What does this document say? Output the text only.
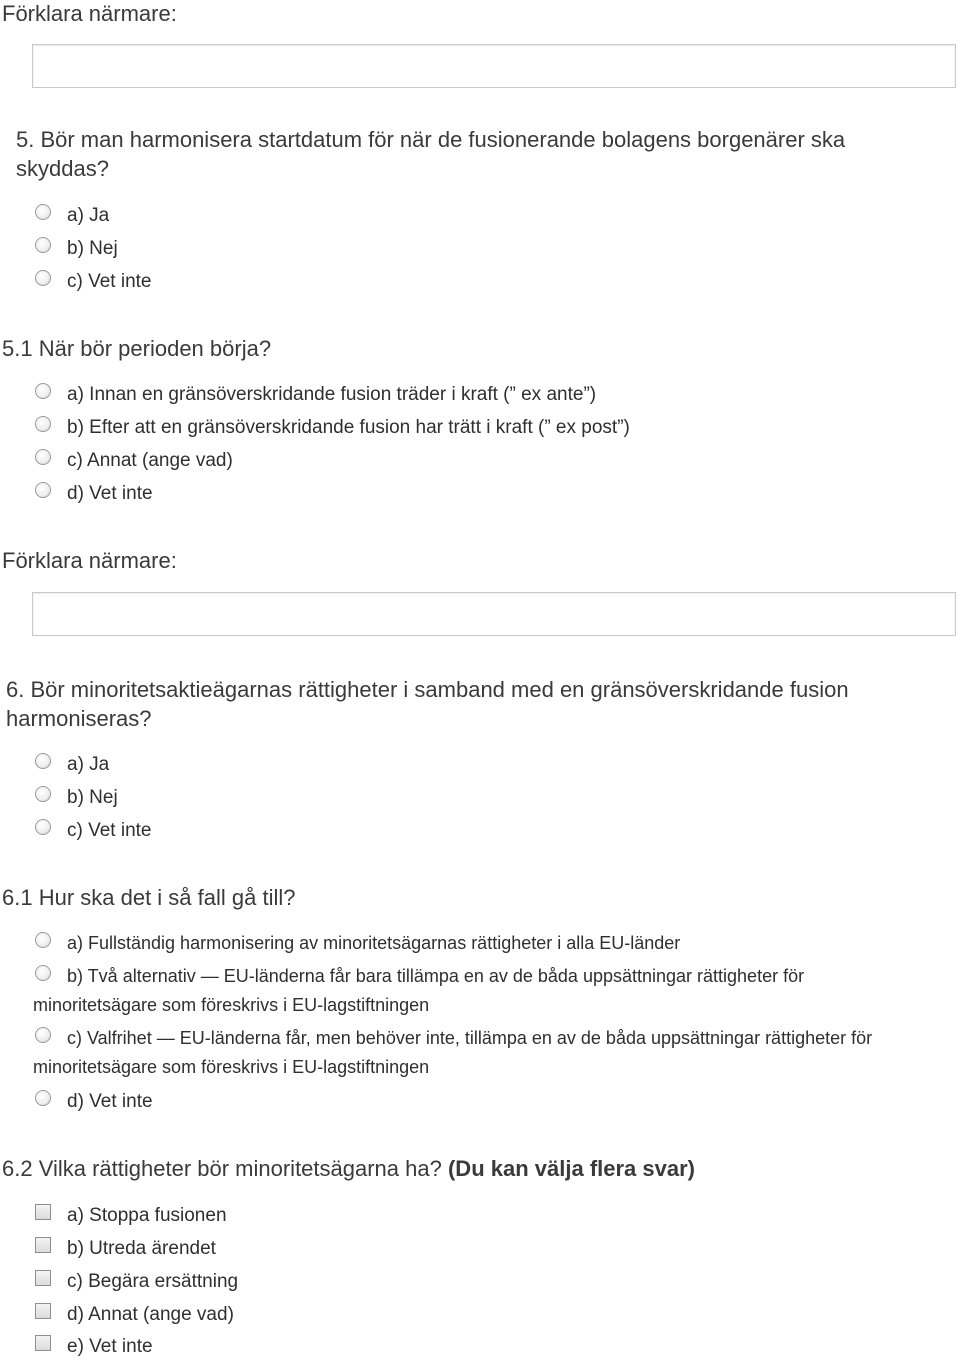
Förklara närmare:
5. Bör man harmonisera startdatum för när de fusionerande bolagens borgenärer ska skyddas?
a) Ja
b) Nej
c) Vet inte
5.1 När bör perioden börja?
a) Innan en gränsöverskridande fusion träder i kraft (” ex ante”)
b) Efter att en gränsöverskridande fusion har trätt i kraft (” ex post”)
c) Annat (ange vad)
d) Vet inte
Förklara närmare:
6. Bör minoritetsaktieägarnas rättigheter i samband med en gränsöverskridande fusion harmoniseras?
a) Ja
b) Nej
c) Vet inte
6.1 Hur ska det i så fall gå till?
a) Fullständig harmonisering av minoritetsägarnas rättigheter i alla EU-länder
b) Två alternativ — EU-länderna får bara tillämpa en av de båda uppsättningar rättigheter för minoritetsägare som föreskrivs i EU-lagstiftningen
c) Valfrihet — EU-länderna får, men behöver inte, tillämpa en av de båda uppsättningar rättigheter för minoritetsägare som föreskrivs i EU-lagstiftningen
d) Vet inte
6.2 Vilka rättigheter bör minoritetsägarna ha? (Du kan välja flera svar)
a) Stoppa fusionen
b) Utreda ärendet
c) Begära ersättning
d) Annat (ange vad)
e) Vet inte
